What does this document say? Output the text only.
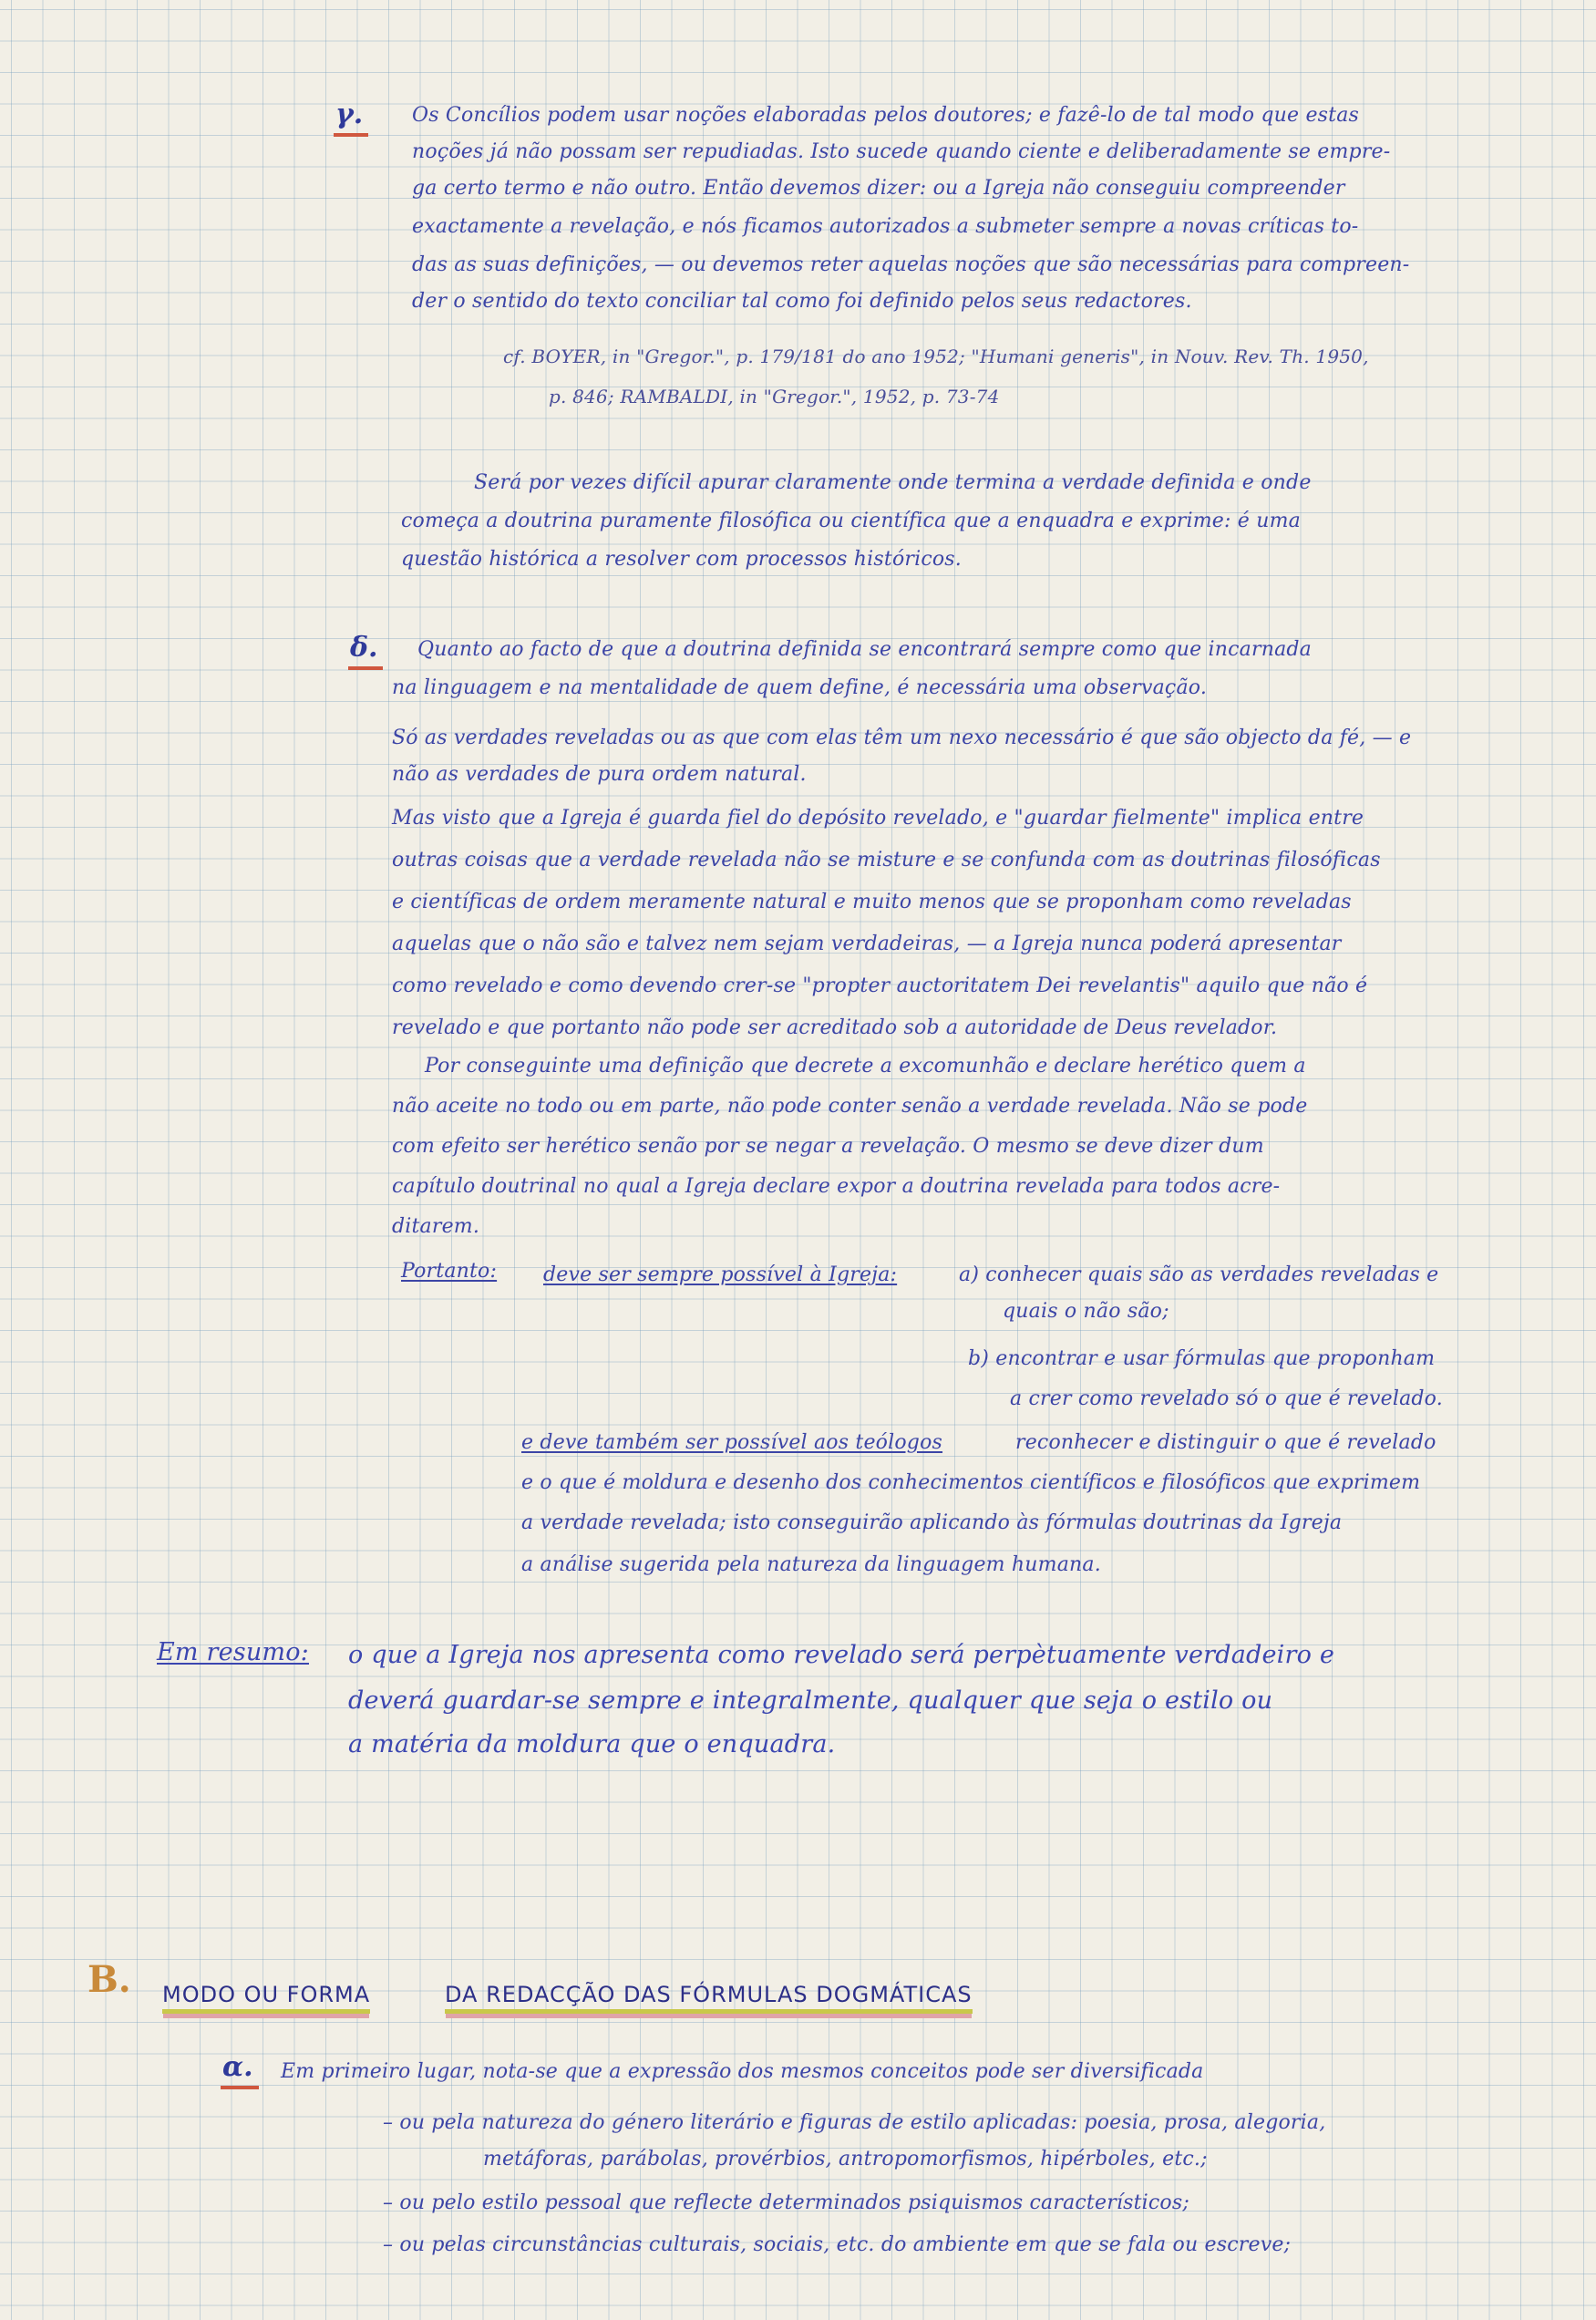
γ. Os Concílios podem usar noções elaboradas pelos doutores; e fazê-lo de tal modo que estas
noções já não possam ser repudiadas. Isto sucede quando ciente e deliberadamente se empre-
ga certo termo e não outro. Então devemos dizer: ou a Igreja não conseguiu compreender
exactamente a revelação, e nós ficamos autorizados a submeter sempre a novas críticas to-
das as suas definições, — ou devemos reter aquelas noções que são necessárias para compreen-
der o sentido do texto conciliar tal como foi definido pelos seus redactores.
cf. BOYER, in "Gregor.", p. 179/181 do ano 1952; "Humani generis", in Nouv. Rev. Th. 1950,
p. 846; RAMBALDI, in "Gregor.", 1952, p. 73-74
Será por vezes difícil apurar claramente onde termina a verdade definida e onde
começa a doutrina puramente filosófica ou científica que a enquadra e exprime: é uma
questão histórica a resolver com processos históricos.
δ. Quanto ao facto de que a doutrina definida se encontrará sempre como que incarnada
na linguagem e na mentalidade de quem define, é necessária uma observação.
Só as verdades reveladas ou as que com elas têm um nexo necessário é que são objecto da fé, — e
não as verdades de pura ordem natural.
Mas visto que a Igreja é guarda fiel do depósito revelado, e "guardar fielmente" implica entre
outras coisas que a verdade revelada não se misture e se confunda com as doutrinas filosóficas
e científicas de ordem meramente natural e muito menos que se proponham como reveladas
aquelas que o não são e talvez nem sejam verdadeiras, — a Igreja nunca poderá apresentar
como revelado e como devendo crer-se "propter auctoritatem Dei revelantis" aquilo que não é
revelado e que portanto não pode ser acreditado sob a autoridade de Deus revelador.
Por conseguinte uma definição que decrete a excomunhão e declare herético quem a
não aceite no todo ou em parte, não pode conter senão a verdade revelada. Não se pode
com efeito ser herético senão por se negar a revelação. O mesmo se deve dizer dum
capítulo doutrinal no qual a Igreja declare expor a doutrina revelada para todos acre-
ditarem.
Portanto: deve ser sempre possível à Igreja:	a) conhecer quais são as verdades reveladas e
quais o não são;
b) encontrar e usar fórmulas que proponham
a crer como revelado só o que é revelado.
e deve também ser possível aos teólogos	reconhecer e distinguir o que é revelado
e o que é moldura e desenho dos conhecimentos científicos e filosóficos que exprimem
a verdade revelada; isto conseguirão aplicando às fórmulas doutrinas da Igreja
a análise sugerida pela natureza da linguagem humana.
Em resumo: o que a Igreja nos apresenta como revelado será perpètuamente verdadeiro e
deverá guardar-se sempre e integralmente, qualquer que seja o estilo ou
a matéria da moldura que o enquadra.
B. MODO OU FORMA	DA REDACÇÃO DAS FÓRMULAS DOGMÁTICAS
α. Em primeiro lugar, nota-se que a expressão dos mesmos conceitos pode ser diversificada
– ou pela natureza do género literário e figuras de estilo aplicadas: poesia, prosa, alegoria,
metáforas, parábolas, provérbios, antropomorfismos, hipérboles, etc.;
– ou pelo estilo pessoal que reflecte determinados psiquismos característicos;
– ou pelas circunstâncias culturais, sociais, etc. do ambiente em que se fala ou escreve;
